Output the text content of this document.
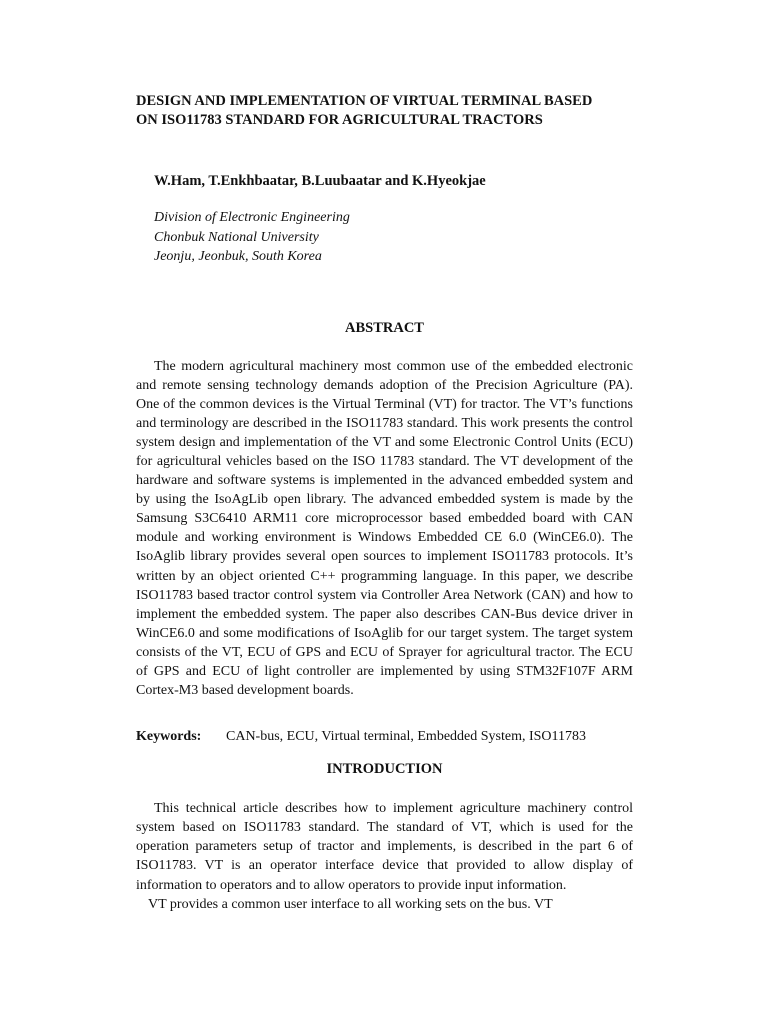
DESIGN AND IMPLEMENTATION OF VIRTUAL TERMINAL BASED
ON ISO11783 STANDARD FOR AGRICULTURAL TRACTORS
W.Ham, T.Enkhbaatar, B.Luubaatar and K.Hyeokjae
Division of Electronic Engineering
Chonbuk National University
Jeonju, Jeonbuk, South Korea
ABSTRACT

The modern agricultural machinery most common use of the embedded electronic and remote sensing technology demands adoption of the Precision Agriculture (PA). One of the common devices is the Virtual Terminal (VT) for tractor. The VT’s functions and terminology are described in the ISO11783 standard. This work presents the control system design and implementation of the VT and some Electronic Control Units (ECU) for agricultural vehicles based on the ISO 11783 standard. The VT development of the hardware and software systems is implemented in the advanced embedded system and by using the IsoAgLib open library. The advanced embedded system is made by the Samsung S3C6410 ARM11 core microprocessor based embedded board with CAN module and working environment is Windows Embedded CE 6.0 (WinCE6.0). The IsoAglib library provides several open sources to implement ISO11783 protocols. It’s written by an object oriented C++ programming language. In this paper, we describe ISO11783 based tractor control system via Controller Area Network (CAN) and how to implement the embedded system. The paper also describes CAN-Bus device driver in WinCE6.0 and some modifications of IsoAglib for our target system. The target system consists of the VT, ECU of GPS and ECU of Sprayer for agricultural tractor. The ECU of GPS and ECU of light controller are implemented by using STM32F107F ARM Cortex-M3 based development boards.

Keywords: CAN-bus, ECU, Virtual terminal, Embedded System, ISO11783
INTRODUCTION

This technical article describes how to implement agriculture machinery control system based on ISO11783 standard. The standard of VT, which is used for the operation parameters setup of tractor and implements, is described in the part 6 of ISO11783. VT is an operator interface device that provided to allow display of information to operators and to allow operators to provide input information.

VT provides a common user interface to all working sets on the bus. VT
